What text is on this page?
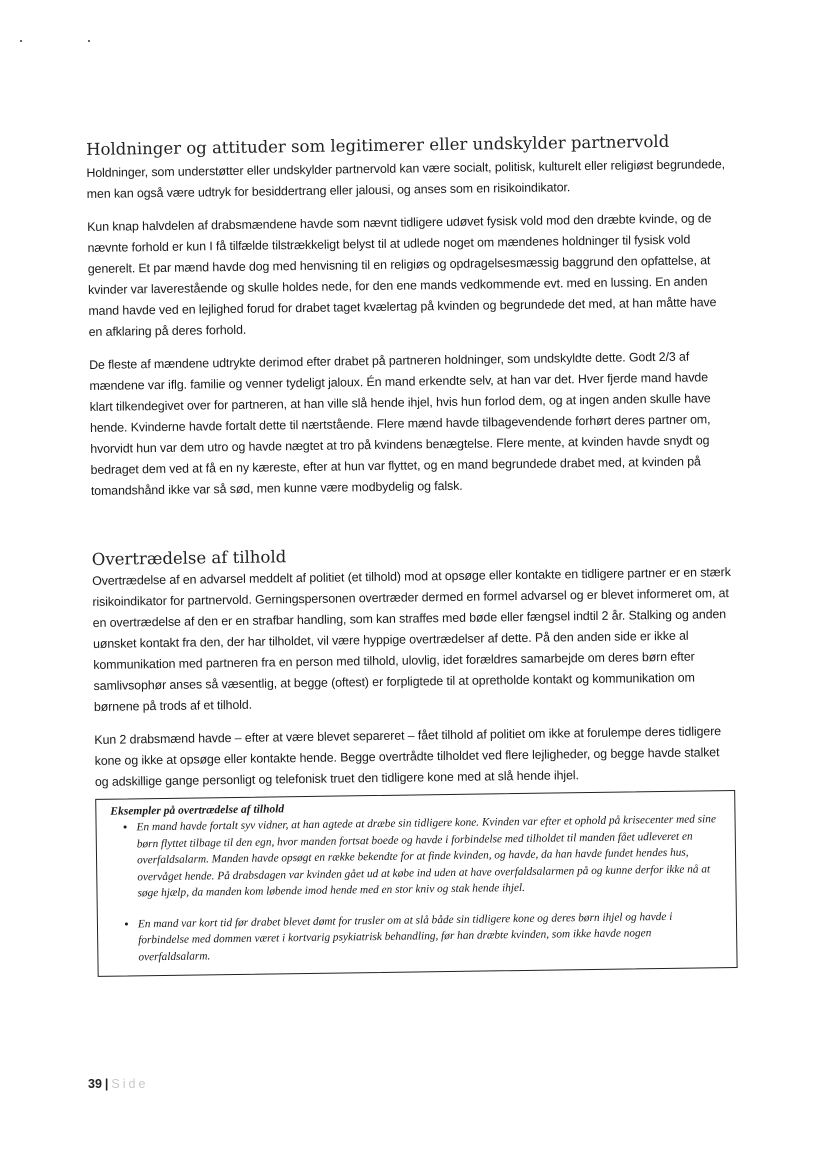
Holdninger og attituder som legitimerer eller undskylder partnervold

Holdninger, som understøtter eller undskylder partnervold kan være socialt, politisk, kulturelt eller religiøst begrundede, men kan også være udtryk for besiddertrang eller jalousi, og anses som en risikoindikator.

Kun knap halvdelen af drabsmændene havde som nævnt tidligere udøvet fysisk vold mod den dræbte kvinde, og de nævnte forhold er kun I få tilfælde tilstrækkeligt belyst til at udlede noget om mændenes holdninger til fysisk vold generelt. Et par mænd havde dog med henvisning til en religiøs og opdragelsesmæssig baggrund den opfattelse, at kvinder var laverestående og skulle holdes nede, for den ene mands vedkommende evt. med en lussing. En anden mand havde ved en lejlighed forud for drabet taget kvælertag på kvinden og begrundede det med, at han måtte have en afklaring på deres forhold.

De fleste af mændene udtrykte derimod efter drabet på partneren holdninger, som undskyldte dette. Godt 2/3 af mændene var iflg. familie og venner tydeligt jaloux. Én mand erkendte selv, at han var det. Hver fjerde mand havde klart tilkendegivet over for partneren, at han ville slå hende ihjel, hvis hun forlod dem, og at ingen anden skulle have hende. Kvinderne havde fortalt dette til nærtstående. Flere mænd havde tilbagevendende forhørt deres partner om, hvorvidt hun var dem utro og havde nægtet at tro på kvindens benægtelse. Flere mente, at kvinden havde snydt og bedraget dem ved at få en ny kæreste, efter at hun var flyttet, og en mand begrundede drabet med, at kvinden på tomandshånd ikke var så sød, men kunne være modbydelig og falsk.

Overtrædelse af tilhold

Overtrædelse af en advarsel meddelt af politiet (et tilhold) mod at opsøge eller kontakte en tidligere partner er en stærk risikoindikator for partnervold. Gerningspersonen overtræder dermed en formel advarsel og er blevet informeret om, at en overtrædelse af den er en strafbar handling, som kan straffes med bøde eller fængsel indtil 2 år. Stalking og anden uønsket kontakt fra den, der har tilholdet, vil være hyppige overtrædelser af dette. På den anden side er ikke al kommunikation med partneren fra en person med tilhold, ulovlig, idet forældres samarbejde om deres børn efter samlivsophør anses så væsentlig, at begge (oftest) er forpligtede til at opretholde kontakt og kommunikation om børnene på trods af et tilhold.

Kun 2 drabsmænd havde – efter at være blevet separeret – fået tilhold af politiet om ikke at forulempe deres tidligere kone og ikke at opsøge eller kontakte hende. Begge overtrådte tilholdet ved flere lejligheder, og begge havde stalket og adskillige gange personligt og telefonisk truet den tidligere kone med at slå hende ihjel.

Eksempler på overtrædelse af tilhold
• En mand havde fortalt syv vidner, at han agtede at dræbe sin tidligere kone. Kvinden var efter et ophold på krisecenter med sine børn flyttet tilbage til den egn, hvor manden fortsat boede og havde i forbindelse med tilholdet til manden fået udleveret en overfaldsalarm. Manden havde opsøgt en række bekendte for at finde kvinden, og havde, da han havde fundet hendes hus, overvåget hende. På drabsdagen var kvinden gået ud at købe ind uden at have overfaldsalarmen på og kunne derfor ikke nå at søge hjælp, da manden kom løbende imod hende med en stor kniv og stak hende ihjel.
• En mand var kort tid før drabet blevet dømt for trusler om at slå både sin tidligere kone og deres børn ihjel og havde i forbindelse med dommen været i kortvarig psykiatrisk behandling, før han dræbte kvinden, som ikke havde nogen overfaldsalarm.
39 | Side
